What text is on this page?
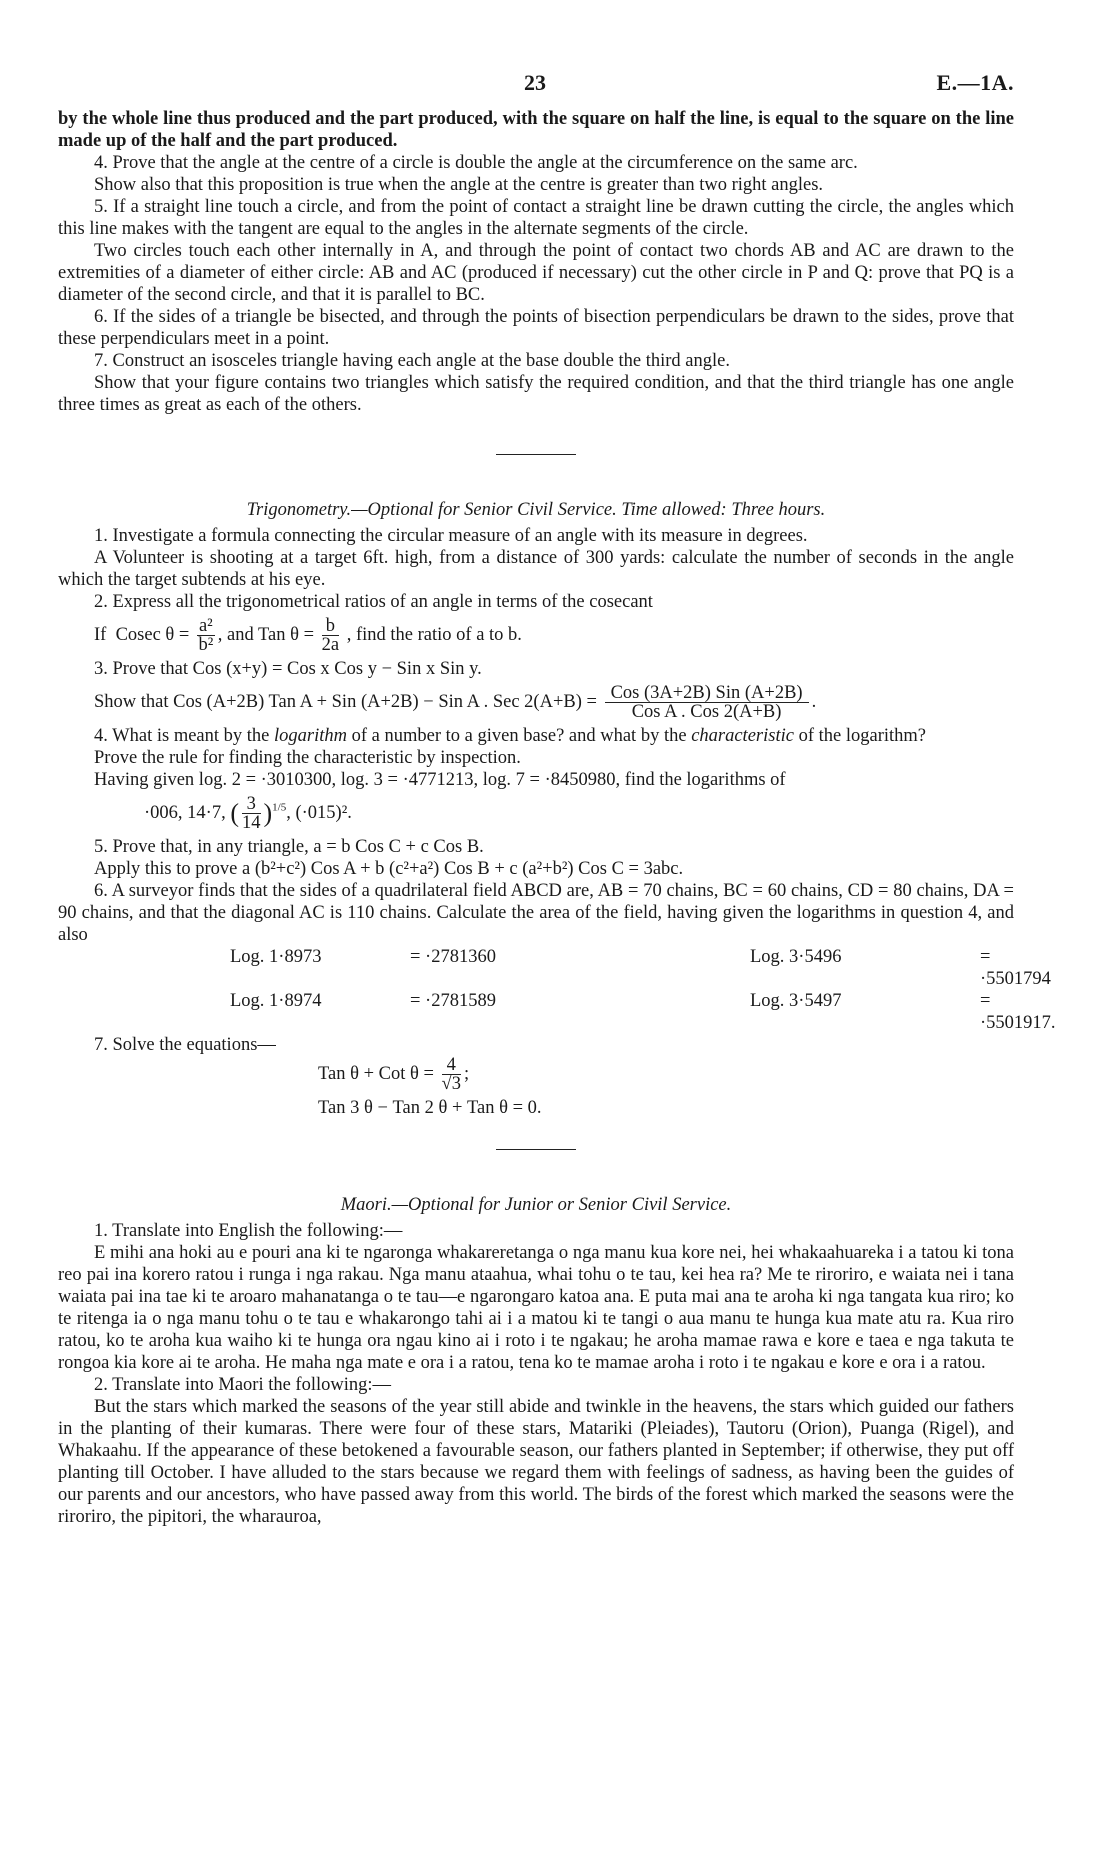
23	E.—1A.

by the whole line thus produced and the part produced, with the square on half the line, is equal to the square on the line made up of the half and the part produced.

4. Prove that the angle at the centre of a circle is double the angle at the circumference on the same arc.

Show also that this proposition is true when the angle at the centre is greater than two right angles.

5. If a straight line touch a circle, and from the point of contact a straight line be drawn cutting the circle, the angles which this line makes with the tangent are equal to the angles in the alternate segments of the circle.

Two circles touch each other internally in A, and through the point of contact two chords AB and AC are drawn to the extremities of a diameter of either circle: AB and AC (produced if necessary) cut the other circle in P and Q: prove that PQ is a diameter of the second circle, and that it is parallel to BC.

6. If the sides of a triangle be bisected, and through the points of bisection perpendiculars be drawn to the sides, prove that these perpendiculars meet in a point.

7. Construct an isosceles triangle having each angle at the base double the third angle.

Show that your figure contains two triangles which satisfy the required condition, and that the third triangle has one angle three times as great as each of the others.

Trigonometry.—Optional for Senior Civil Service. Time allowed: Three hours.

1. Investigate a formula connecting the circular measure of an angle with its measure in degrees.

A Volunteer is shooting at a target 6ft. high, from a distance of 300 yards: calculate the number of seconds in the angle which the target subtends at his eye.

2. Express all the trigonometrical ratios of an angle in terms of the cosecant

If Cosec $\theta = \frac{\text{a²}}{\text{b²}}$ , and Tan $\theta = \frac{b}{2a}$ , find the ratio of a to b.

3. Prove that Cos (x+y) = Cos x Cos y − Sin x Sin y.

Show that Cos (A+2B) Tan A + Sin (A+2B) − Sin A . Sec $2(A+B) = \frac{\text{Cos (3A+2B) Sin (A+2B)}}{\text{Cos A . Cos 2(A+B)}}$ .

4. What is meant by the logarithm of a number to a given base? and what by the characteristic of the logarithm?

Prove the rule for finding the characteristic by inspection.

Having given log. 2 = ·3010300, log. 3 = ·4771213, log. 7 = ·8450980, find the logarithms of

·006, 14·7, ( $\frac{3}{14} )^{1/5}$, (·015)².

5. Prove that, in any triangle, a = b Cos C + c Cos B.

Apply this to prove a (b²+c²) Cos A + b (c²+a²) Cos B + c (a²+b²) Cos C = 3abc.

6. A surveyor finds that the sides of a quadrilateral field ABCD are, AB = 70 chains, BC = 60 chains, CD = 80 chains, DA = 90 chains, and that the diagonal AC is 110 chains. Calculate the area of the field, having given the logarithms in question 4, and also

Log. 1·8973	= ·2781360	Log. 3·5496	= ·5501794
Log. 1·8974	= ·2781589	Log. 3·5497	= ·5501917.

7. Solve the equations—

Tan θ + Cot $\theta = \frac{4}{√3}$ ;
Tan 3 θ − Tan 2 θ + Tan θ = 0.

Maori.—Optional for Junior or Senior Civil Service.

1. Translate into English the following:—

E mihi ana hoki au e pouri ana ki te ngaronga whakareretanga o nga manu kua kore nei, hei whakaahuareka i a tatou ki tona reo pai ina korero ratou i runga i nga rakau. Nga manu ataahua, whai tohu o te tau, kei hea ra? Me te riroriro, e waiata nei i tana waiata pai ina tae ki te aroaro mahanatanga o te tau—e ngarongaro katoa ana. E puta mai ana te aroha ki nga tangata kua riro; ko te ritenga ia o nga manu tohu o te tau e whakarongo tahi ai i a matou ki te tangi o aua manu te hunga kua mate atu ra. Kua riro ratou, ko te aroha kua waiho ki te hunga ora ngau kino ai i roto i te ngakau; he aroha mamae rawa e kore e taea e nga takuta te rongoa kia kore ai te aroha. He maha nga mate e ora i a ratou, tena ko te mamae aroha i roto i te ngakau e kore e ora i a ratou.

2. Translate into Maori the following:—

But the stars which marked the seasons of the year still abide and twinkle in the heavens, the stars which guided our fathers in the planting of their kumaras. There were four of these stars, Matariki (Pleiades), Tautoru (Orion), Puanga (Rigel), and Whakaahu. If the appearance of these betokened a favourable season, our fathers planted in September; if otherwise, they put off planting till October. I have alluded to the stars because we regard them with feelings of sadness, as having been the guides of our parents and our ancestors, who have passed away from this world. The birds of the forest which marked the seasons were the riroriro, the pipitori, the wharauroa,
